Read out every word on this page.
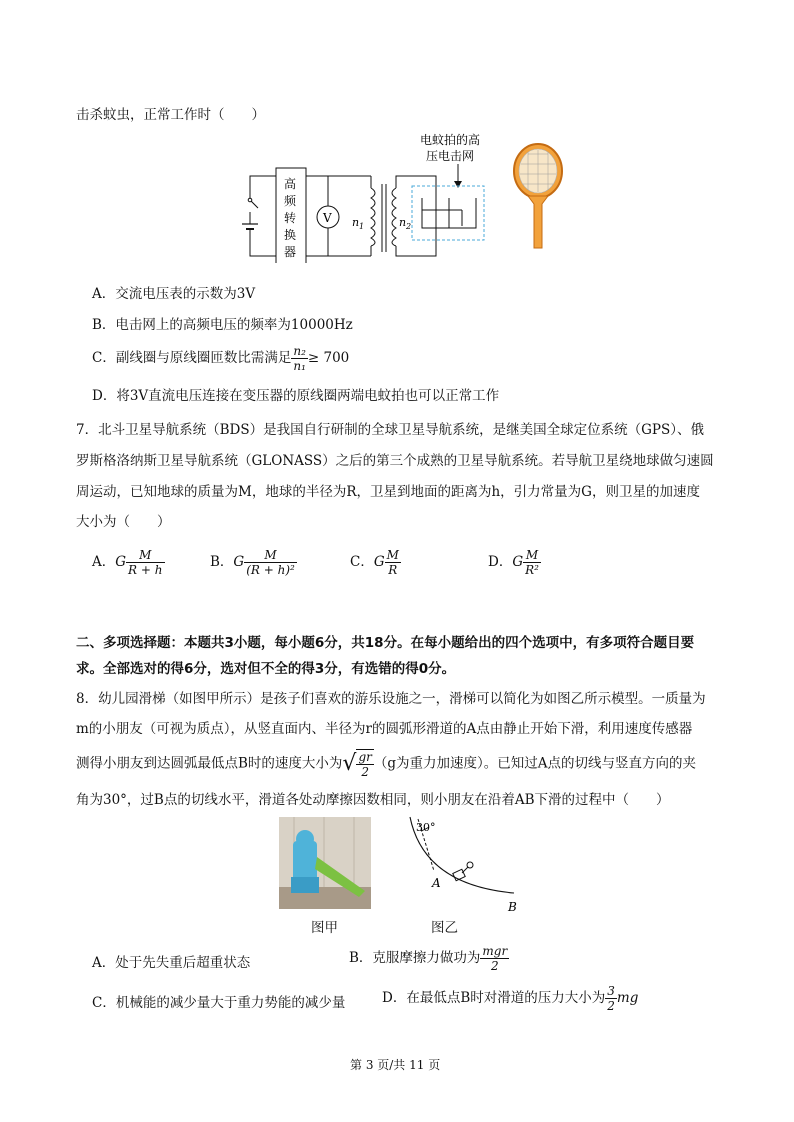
击杀蚊虫，正常工作时（　　）
电蚊拍的高
压电击网
高
频
转
换
器
V n 1	n 2
A．交流电压表的示数为3V
B．电击网上的高频电压的频率为10000Hz
C．副线圈与原线圈匝数比需满足 $\frac{\text{n₂}}{\text{n₁}} \ge 700$
D．将3V直流电压连接在变压器的原线圈两端电蚊拍也可以正常工作
7．北斗卫星导航系统（BDS）是我国自行研制的全球卫星导航系统，是继美国全球定位系统（GPS）、俄
罗斯格洛纳斯卫星导航系统（GLONASS）之后的第三个成熟的卫星导航系统。若导航卫星绕地球做匀速圆
周运动，已知地球的质量为M，地球的半径为R，卫星到地面的距离为h，引力常量为G，则卫星的加速度
大小为（　　）
A．G $\frac{M}{R + h}$	B．G $\frac{M}{\text{(R + h)²}}$	C．G $\frac{M}{R}$	D．G $\frac{M}{\text{R²}}$
二、多项选择题：本题共3小题，每小题6分，共18分。在每小题给出的四个选项中，有多项符合题目要
求。全部选对的得6分，选对但不全的得3分，有选错的得0分。
8．幼儿园滑梯（如图甲所示）是孩子们喜欢的游乐设施之一，滑梯可以简化为如图乙所示模型。一质量为
m的小朋友（可视为质点），从竖直面内、半径为r的圆弧形滑道的A点由静止开始下滑，利用速度传感器
测得小朋友到达圆弧最低点B时的速度大小为√ $\frac{gr}{2} (g$为重力加速度）。已知过A点的切线与竖直方向的夹
角为30°，过B点的切线水平，滑道各处动摩擦因数相同，则小朋友在沿着AB下滑的过程中（　　）
图甲
30°
A
B
图乙
A．处于先失重后超重状态	B．克服摩擦力做功为 $\frac{\text{mgr}}{2}$
C．机械能的减少量大于重力势能的减少量	D．在最低点B时对滑道的压力大小为 $\frac{3}{2}$ mg
第 3 页/共 11 页
